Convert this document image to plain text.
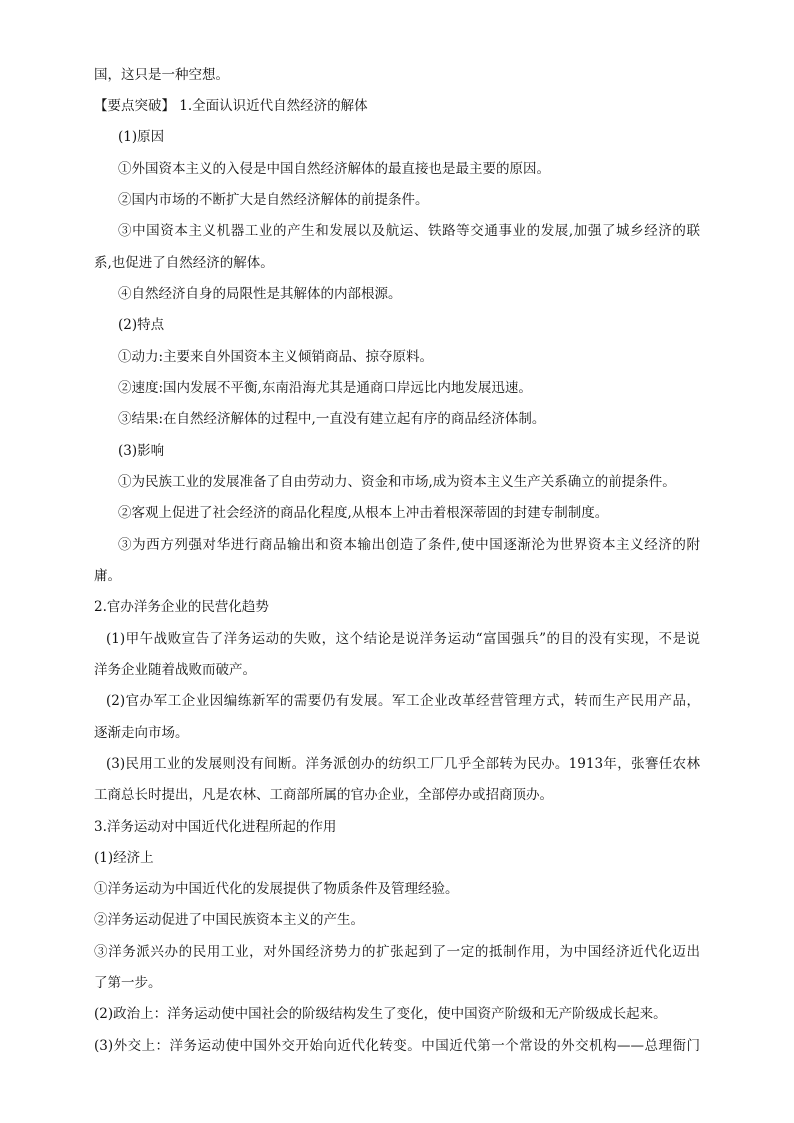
国，这只是一种空想。
【要点突破】 1.全面认识近代自然经济的解体
(1)原因
①外国资本主义的入侵是中国自然经济解体的最直接也是最主要的原因。
②国内市场的不断扩大是自然经济解体的前提条件。
③中国资本主义机器工业的产生和发展以及航运、铁路等交通事业的发展,加强了城乡经济的联
系,也促进了自然经济的解体。
④自然经济自身的局限性是其解体的内部根源。
(2)特点
①动力:主要来自外国资本主义倾销商品、掠夺原料。
②速度:国内发展不平衡,东南沿海尤其是通商口岸远比内地发展迅速。
③结果:在自然经济解体的过程中,一直没有建立起有序的商品经济体制。
(3)影响
①为民族工业的发展准备了自由劳动力、资金和市场,成为资本主义生产关系确立的前提条件。
②客观上促进了社会经济的商品化程度,从根本上冲击着根深蒂固的封建专制制度。
③为西方列强对华进行商品输出和资本输出创造了条件,使中国逐渐沦为世界资本主义经济的附
庸。
2.官办洋务企业的民营化趋势
(1)甲午战败宣告了洋务运动的失败，这个结论是说洋务运动“富国强兵”的目的没有实现，不是说
洋务企业随着战败而破产。
(2)官办军工企业因编练新军的需要仍有发展。军工企业改革经营管理方式，转而生产民用产品，
逐渐走向市场。
(3)民用工业的发展则没有间断。洋务派创办的纺织工厂几乎全部转为民办。1913年，张謇任农林
工商总长时提出，凡是农林、工商部所属的官办企业，全部停办或招商顶办。
3.洋务运动对中国近代化进程所起的作用
(1)经济上
①洋务运动为中国近代化的发展提供了物质条件及管理经验。
②洋务运动促进了中国民族资本主义的产生。
③洋务派兴办的民用工业，对外国经济势力的扩张起到了一定的抵制作用，为中国经济近代化迈出
了第一步。
(2)政治上：洋务运动使中国社会的阶级结构发生了变化，使中国资产阶级和无产阶级成长起来。
(3)外交上：洋务运动使中国外交开始向近代化转变。中国近代第一个常设的外交机构——总理衙门
